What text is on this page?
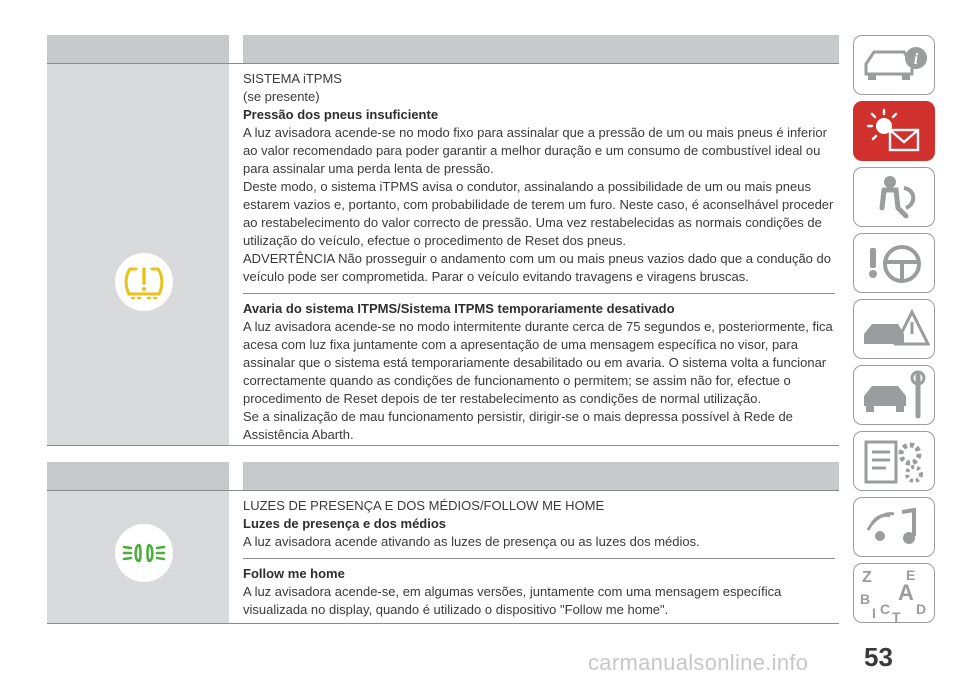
SISTEMA iTPMS

(se presente)

Pressão dos pneus insuficiente

A luz avisadora acende-se no modo fixo para assinalar que a pressão de um ou mais pneus é inferior ao valor recomendado para poder garantir a melhor duração e um consumo de combustível ideal ou para assinalar uma perda lenta de pressão.

Deste modo, o sistema iTPMS avisa o condutor, assinalando a possibilidade de um ou mais pneus estarem vazios e, portanto, com probabilidade de terem um furo. Neste caso, é aconselhável proceder ao restabelecimento do valor correcto de pressão. Uma vez restabelecidas as normais condições de utilização do veículo, efectue o procedimento de Reset dos pneus.

ADVERTÊNCIA Não prosseguir o andamento com um ou mais pneus vazios dado que a condução do veículo pode ser comprometida. Parar o veículo evitando travagens e viragens bruscas.

Avaria do sistema ITPMS/Sistema ITPMS temporariamente desativado

A luz avisadora acende-se no modo intermitente durante cerca de 75 segundos e, posteriormente, fica acesa com luz fixa juntamente com a apresentação de uma mensagem específica no visor, para assinalar que o sistema está temporariamente desabilitado ou em avaria. O sistema volta a funcionar correctamente quando as condições de funcionamento o permitem; se assim não for, efectue o procedimento de Reset depois de ter restabelecimento as condições de normal utilização.

Se a sinalização de mau funcionamento persistir, dirigir-se o mais depressa possível à Rede de Assistência Abarth.

LUZES DE PRESENÇA E DOS MÉDIOS/FOLLOW ME HOME

Luzes de presença e dos médios

A luz avisadora acende ativando as luzes de presença ou as luzes dos médios.

Follow me home

A luz avisadora acende-se, em algumas versões, juntamente com uma mensagem específica visualizada no display, quando é utilizado o dispositivo "Follow me home".

i
Z E
B A
C
I	D
T
53
carmanualsonline.info
